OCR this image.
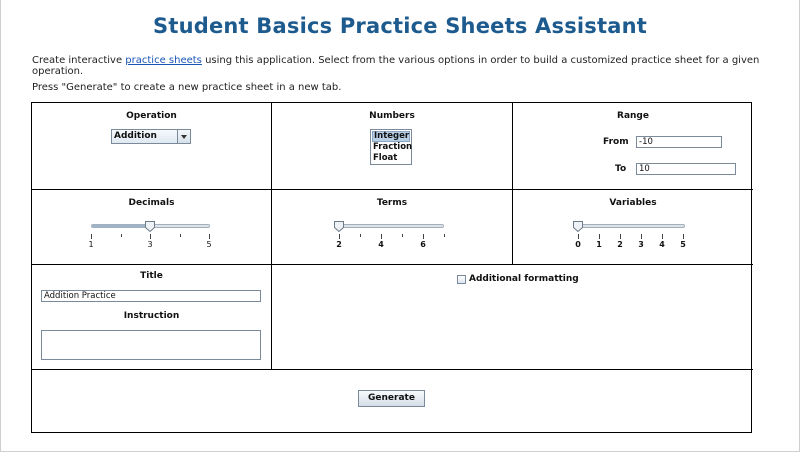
Student Basics Practice Sheets Assistant
Create interactive practice sheets using this application. Select from the various options in order to build a customized practice sheet for a given operation.
Press "Generate" to create a new practice sheet in a new tab.
Operation
Addition
Numbers
Integer
Fraction
Float
Range
From	-10
To	10
Decimals
1	3	5
Terms
2	4	6
Variables
0	1	2	3	4	5
Title
Addition Practice
Instruction
Additional formatting
Generate
